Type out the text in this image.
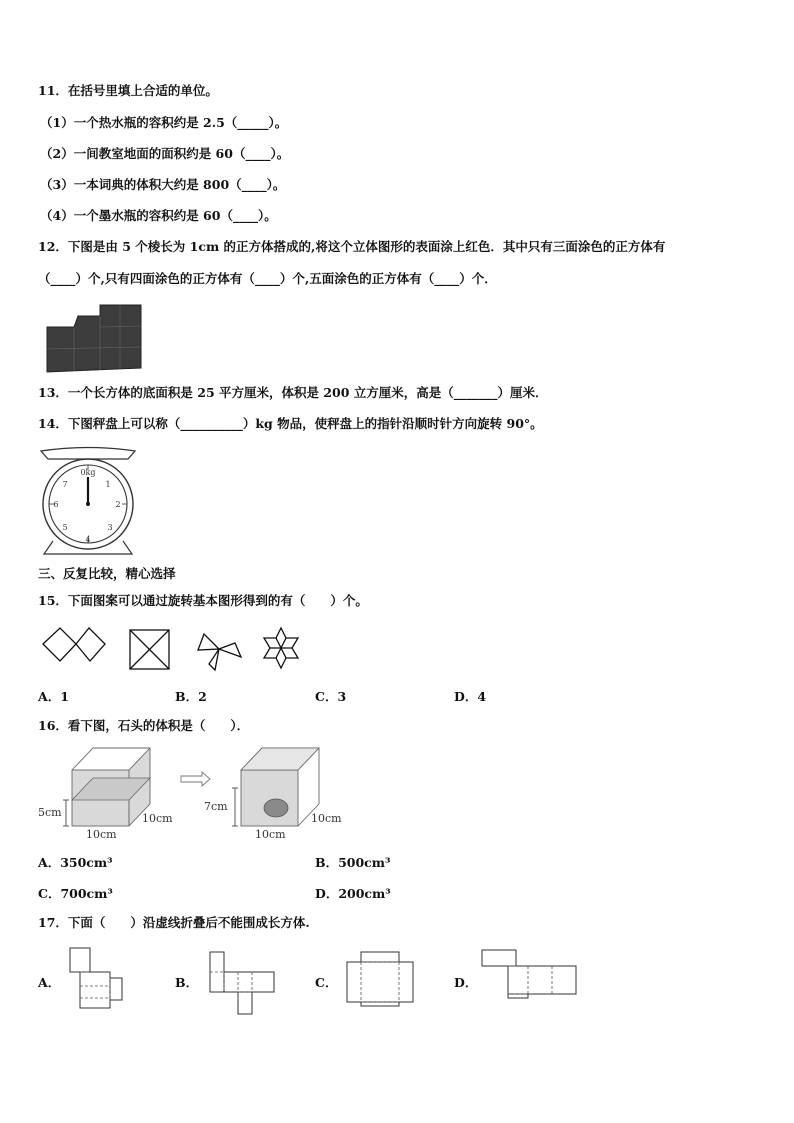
11．在括号里填上合适的单位。
（1）一个热水瓶的容积约是 2.5（_____）。
（2）一间教室地面的面积约是 60（____）。
（3）一本词典的体积大约是 800（____）。
（4）一个墨水瓶的容积约是 60（____）。
12．下图是由 5 个棱长为 1cm 的正方体搭成的,将这个立体图形的表面涂上红色．其中只有三面涂色的正方体有
（____）个,只有四面涂色的正方体有（____）个,五面涂色的正方体有（____）个．
13．一个长方体的底面积是 25 平方厘米，体积是 200 立方厘米，高是（_______）厘米．
14．下图秤盘上可以称（__________）kg 物品，使秤盘上的指针沿顺时针方向旋转 90°。
0kg
1
2
3
4
5
6
7
三、反复比较，精心选择
15．下面图案可以通过旋转基本图形得到的有（　　）个。
A．1	B．2	C．3	D．4
16．看下图，石头的体积是（　　）．
5cm
10cm
10cm
7cm
10cm
10cm
A．350cm³	B．500cm³
C．700cm³	D．200cm³
17．下面（　　）沿虚线折叠后不能围成长方体.
A．	B．	C．	D．
